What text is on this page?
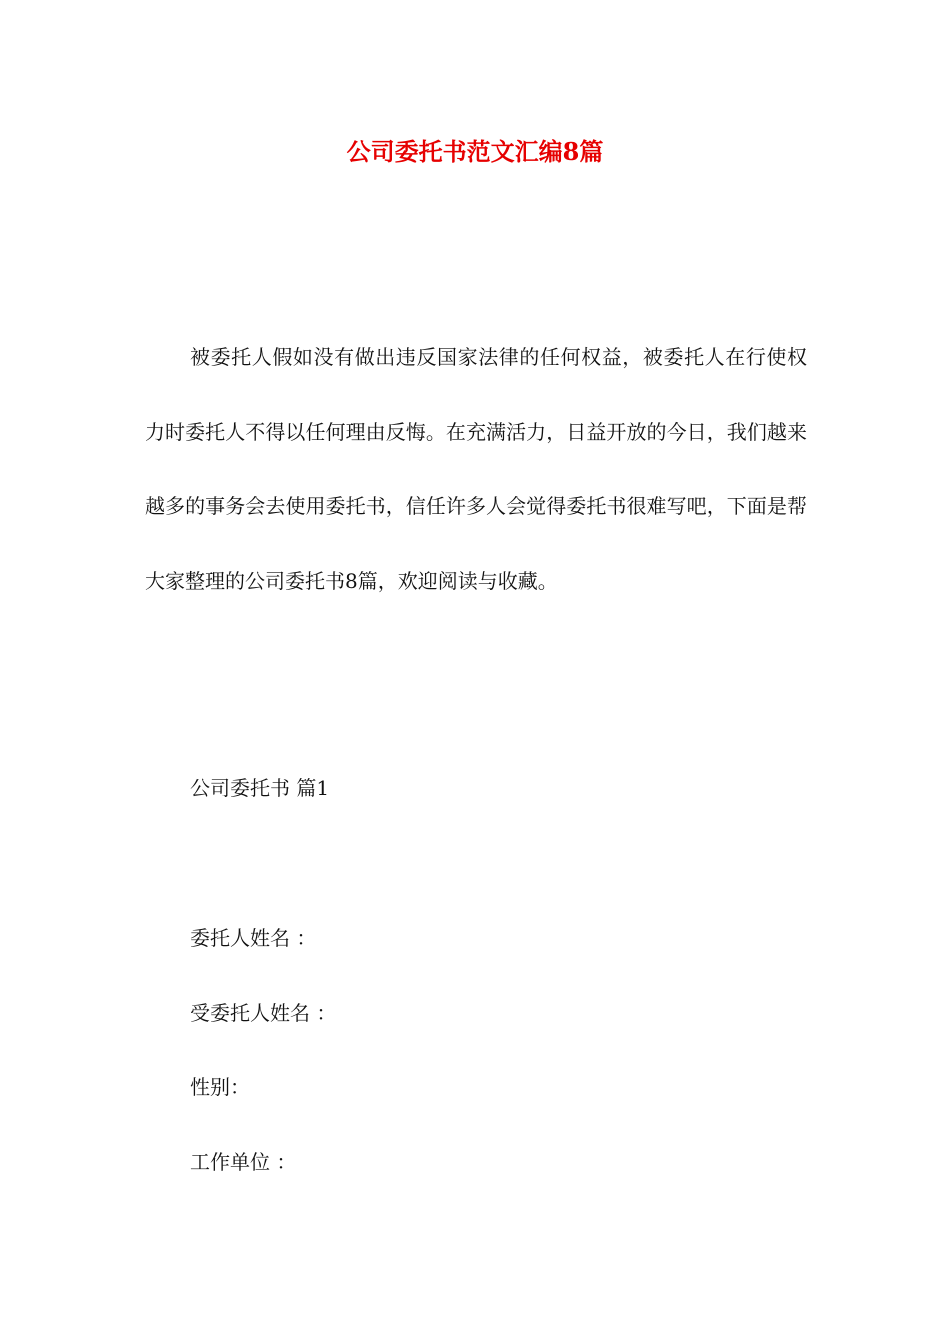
公司委托书范文汇编8篇

被委托人假如没有做出违反国家法律的任何权益，被委托人在行使权力时委托人不得以任何理由反悔。在充满活力，日益开放的今日，我们越来越多的事务会去使用委托书，信任许多人会觉得委托书很难写吧，下面是帮大家整理的公司委托书8篇，欢迎阅读与收藏。

公司委托书 篇1

委托人姓名 ：

受委托人姓名 ：

性别：

工作单位 ：
